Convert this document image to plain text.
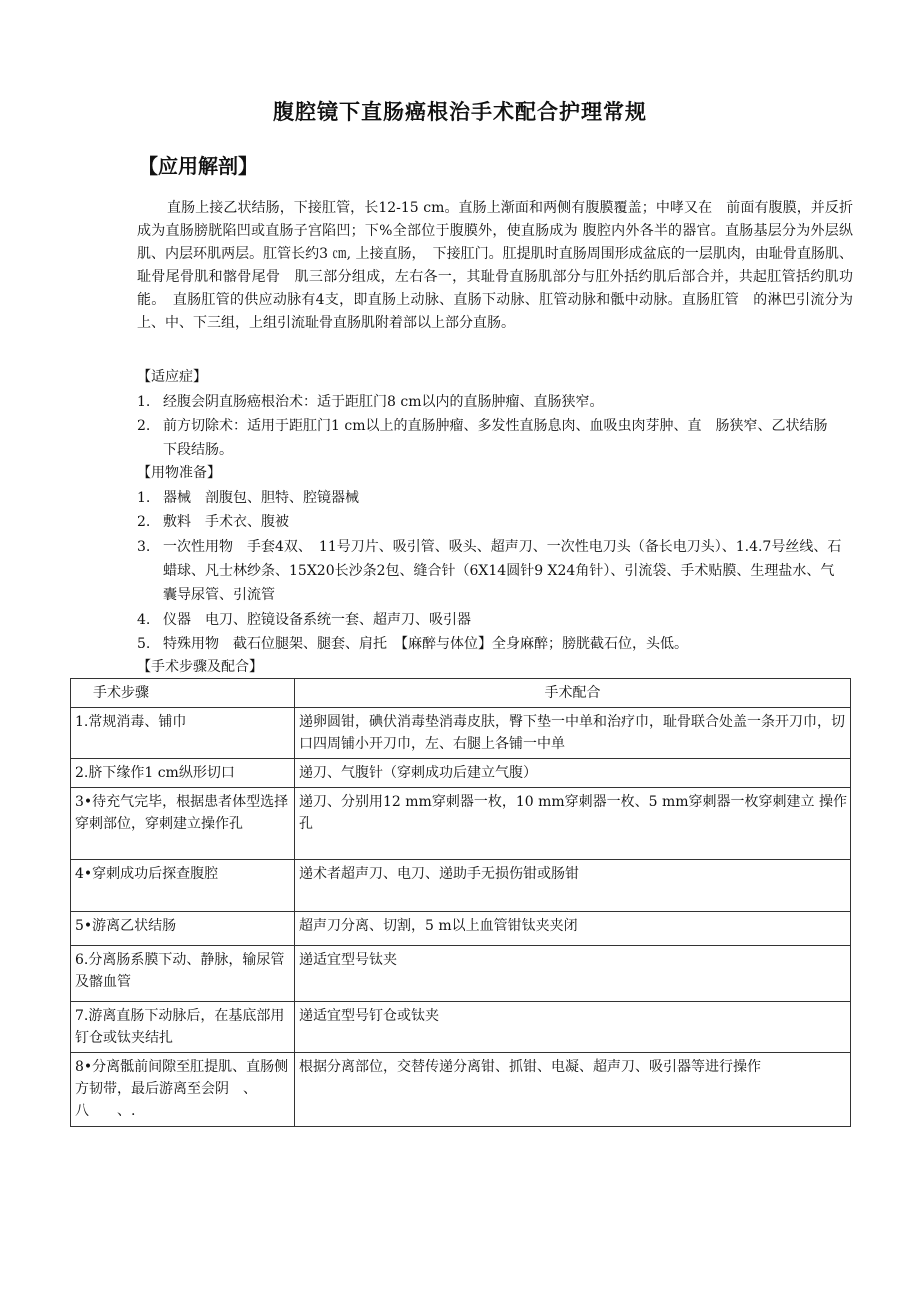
腹腔镜下直肠癌根治手术配合护理常规

【应用解剖】

直肠上接乙状结肠，下接肛管，长12-15 cm。直肠上渐面和两侧有腹膜覆盖；中哮又在　前面有腹膜，并反折成为直肠膀胱陷凹或直肠子宫陷凹；下%全部位于腹膜外，使直肠成为 腹腔内外各半的器官。直肠基层分为外层纵肌、内层环肌两层。肛管长约3 ㎝, 上接直肠，　下接肛门。肛提肌时直肠周围形成盆底的一层肌肉，由耻骨直肠肌、耻骨尾骨肌和髂骨尾骨　肌三部分组成，左右各一，其耻骨直肠肌部分与肛外括约肌后部合并，共起肛管括约肌功能。　直肠肛管的供应动脉有4支，即直肠上动脉、直肠下动脉、肛管动脉和骶中动脉。直肠肛管　的淋巴引流分为上、中、下三组，上组引流耻骨直肠肌附着部以上部分直肠。

【适应症】

1. 经腹会阴直肠癌根治术：适于距肛门8 cm以内的直肠肿瘤、直肠狭窄。
2. 前方切除术：适用于距肛门1 cm以上的直肠肿瘤、多发性直肠息肉、血吸虫肉芽肿、直　肠狭窄、乙状结肠下段结肠。

【用物准备】

1. 器械　剖腹包、胆特、腔镜器械
2. 敷料　手术衣、腹被
3. 一次性用物　手套4双、　11号刀片、吸引管、吸头、超声刀、一次性电刀头（备长电刀头）、1.4.7号丝线、石蜡球、凡士林纱条、15X20长沙条2包、缝合针（6X14圆针9 X24角针）、引流袋、手术贴膜、生理盐水、气囊导尿管、引流管
4. 仪器　电刀、腔镜设备系统一套、超声刀、吸引器
5. 特殊用物　截石位腿架、腿套、肩托　【麻醉与体位】全身麻醉；膀胱截石位，头低。

【手术步骤及配合】

手术步骤	手术配合
1.常规消毒、铺巾	递卵圆钳，碘伏消毒垫消毒皮肤，臀下垫一中单和治疗巾，耻骨联合处盖一条开刀巾，切口四周铺小开刀巾，左、右腿上各铺一中单
2.脐下缘作1 cm纵形切口	递刀、气腹针（穿刺成功后建立气腹）
3•待充气完毕，根据患者体型选择穿刺部位，穿刺建立操作孔	递刀、分别用12 mm穿刺器一枚，10 mm穿刺器一枚、5 mm穿刺器一枚穿刺建立 操作孔
4•穿刺成功后探查腹腔	递术者超声刀、电刀、递助手无损伤钳或肠钳
5•游离乙状结肠	超声刀分离、切割，5 m以上血管钳钛夹夹闭
6.分离肠系膜下动、静脉，输尿管及髂血管	递适宜型号钛夹
7.游离直肠下动脉后，在基底部用钉仓或钛夹结扎	递适宜型号钉仓或钛夹
8•分离骶前间隙至肛提肌、直肠侧方韧带，最后游离至会阴　、八　　、.	根据分离部位，交替传递分离钳、抓钳、电凝、超声刀、吸引器等进行操作
